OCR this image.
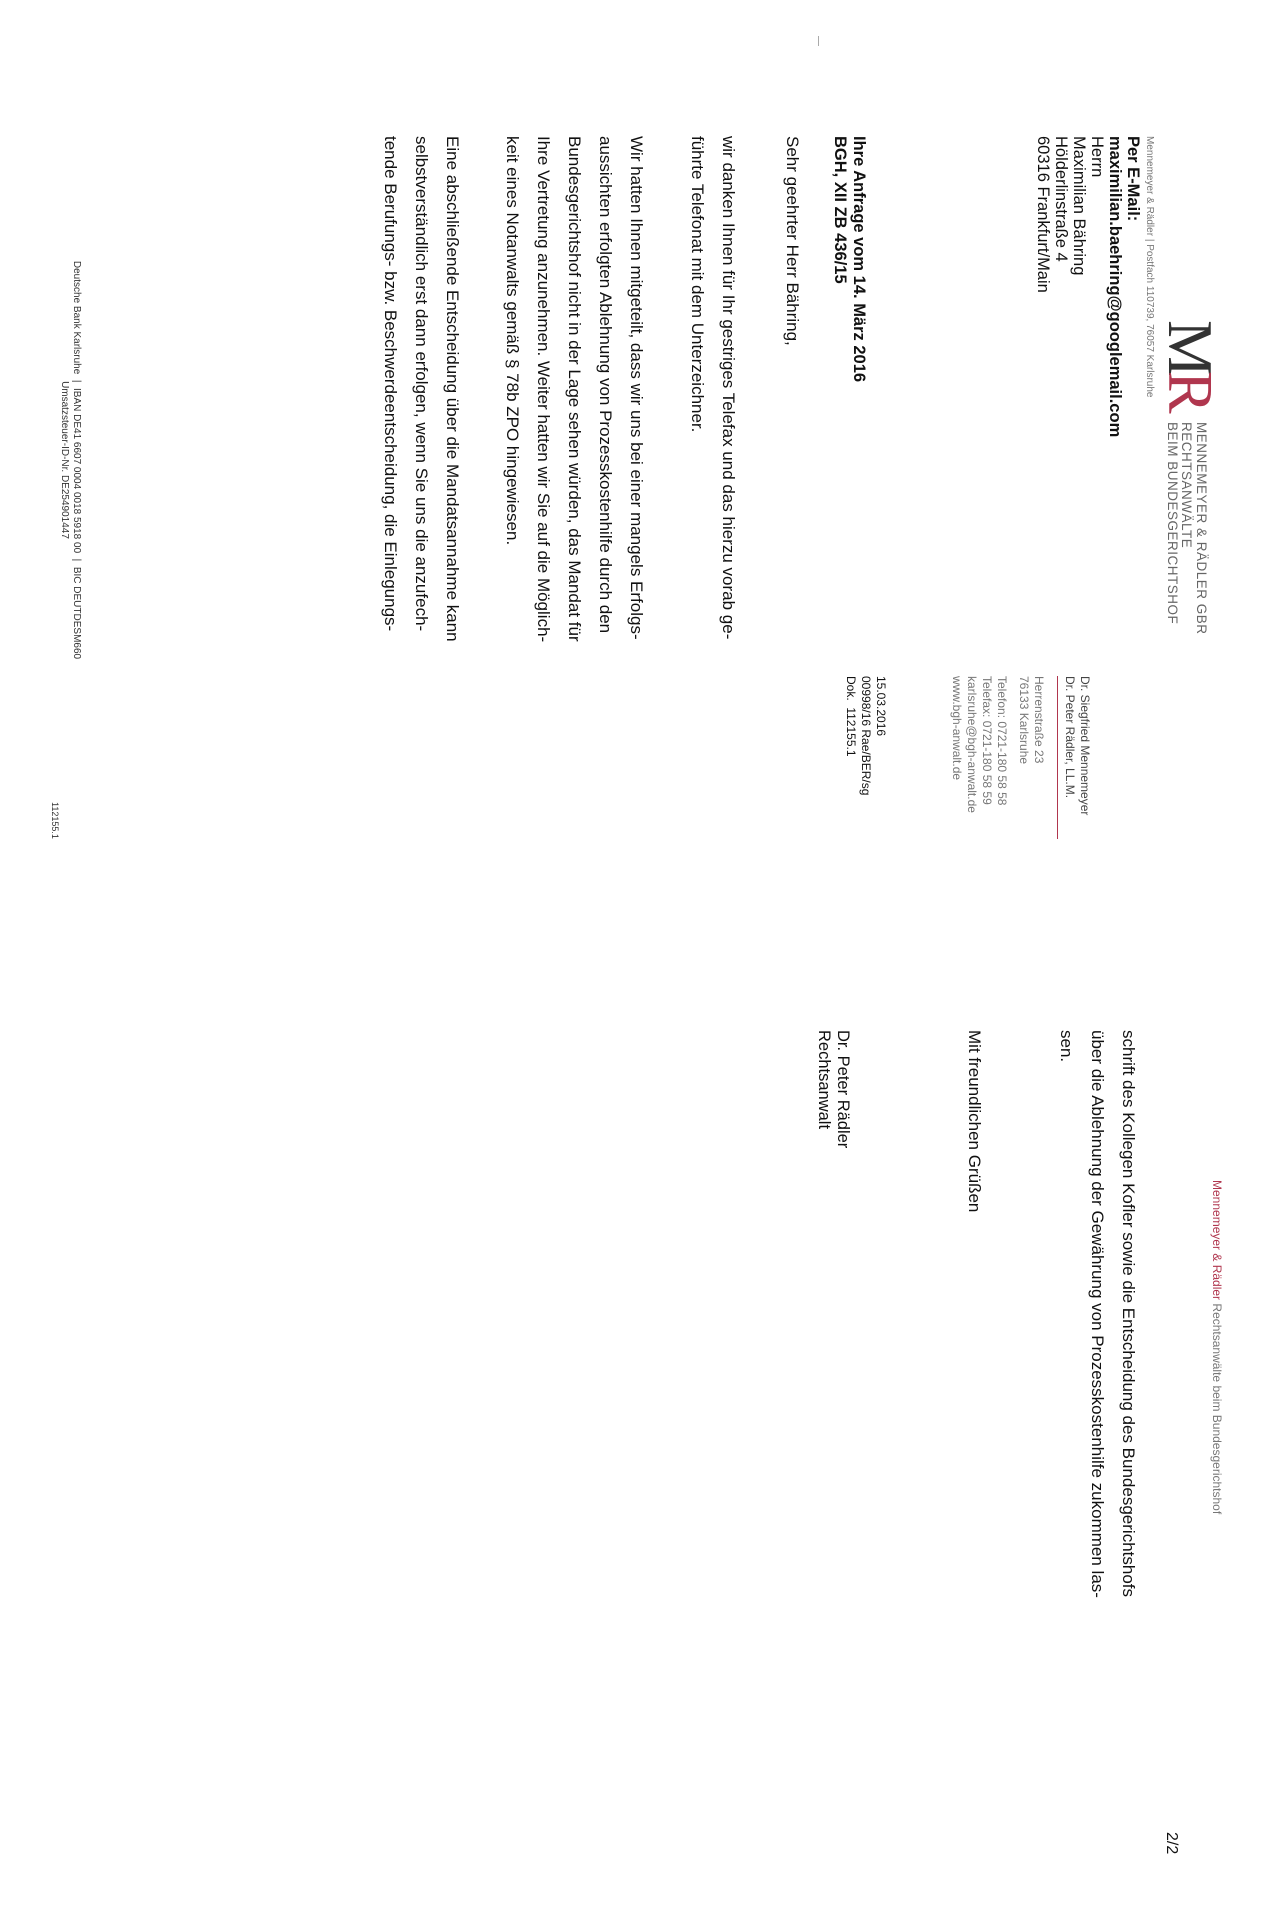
MR
MENNEMEYER & RÄDLER GBR
RECHTSANWÄLTE
BEIM BUNDESGERICHTSHOF
Mennemeyer & Rädler | Postfach 110739, 76057 Karlsruhe
Per E-Mail:
maximilian.baehring@googlemail.com
Herrn
Maximilian Bähring
Hölderlinstraße 4
60316 Frankfurt/Main
Dr. Siegfried Mennemeyer
Dr. Peter Rädler, LL.M.
Herrenstraße 23
76133 Karlsruhe
Telefon: 0721-180 58 58
Telefax: 0721-180 58 59
karlsruhe@bgh-anwalt.de
www.bgh-anwalt.de
15.03.2016
00998/16 Rae/BER/sg
Dok.  112155.1
Ihre Anfrage vom 14. März 2016
BGH, XII ZB 436/15
Sehr geehrter Herr Bähring,
wir danken Ihnen für Ihr gestriges Telefax und das hierzu vorab ge-
führte Telefonat mit dem Unterzeichner.
Wir hatten Ihnen mitgeteilt, dass wir uns bei einer mangels Erfolgs-
aussichten erfolgten Ablehnung von Prozesskostenhilfe durch den
Bundesgerichtshof nicht in der Lage sehen würden, das Mandat für
Ihre Vertretung anzunehmen. Weiter hatten wir Sie auf die Möglich-
keit eines Notanwalts gemäß § 78b ZPO hingewiesen.
Eine abschließende Entscheidung über die Mandatsannahme kann
selbstverständlich erst dann erfolgen, wenn Sie uns die anzufech-
tende Berufungs- bzw. Beschwerdeentscheidung, die Einlegungs-
Deutsche Bank Karlsruhe  |  IBAN DE41 6607 0004 0018 5918 00  |  BIC DEUTDESM660
Umsatzsteuer-ID-Nr. DE254901447
112155.1
Mennemeyer & Rädler Rechtsanwälte beim Bundesgerichtshof
2/2
schrift des Kollegen Kofler sowie die Entscheidung des Bundesgerichtshofs
über die Ablehnung der Gewährung von Prozesskostenhilfe zukommen las-
sen.
Mit freundlichen Grüßen
Dr. Peter Rädler
Rechtsanwalt
